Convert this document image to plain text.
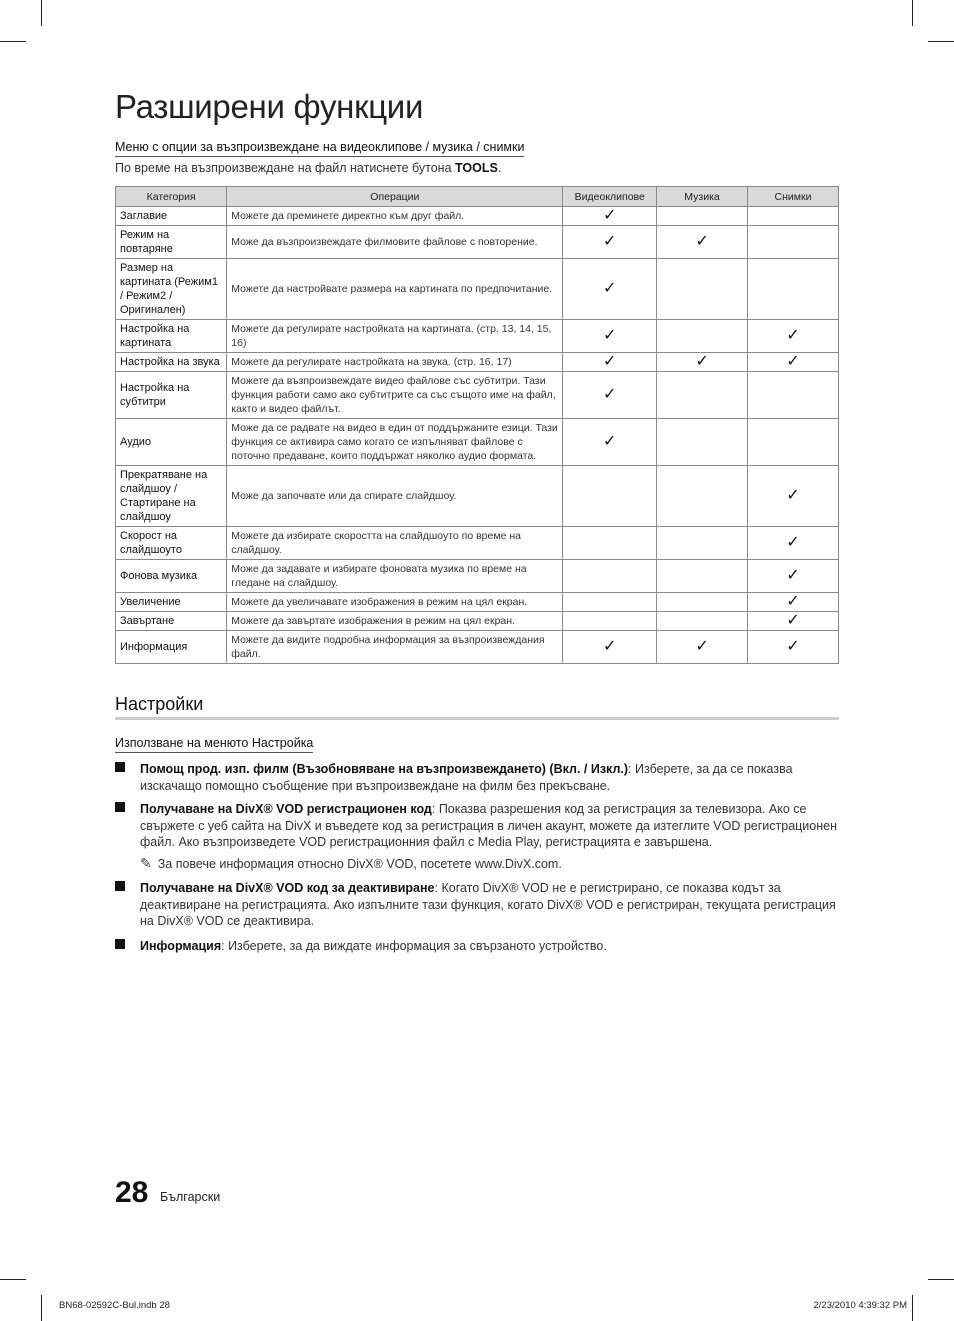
Разширени функции
Меню с опции за възпроизвеждане на видеоклипове / музика / снимки
По време на възпроизвеждане на файл натиснете бутона TOOLS.
Категория	Операции	Видеоклипове	Музика	Снимки
Заглавие	Можете да преминете директно към друг файл.	✓		
Режим на повтаряне	Може да възпроизвеждате филмовите файлове с повторение.	✓	✓	
Размер на картината (Режим1 / Режим2 / Оригинален)	Можете да настройвате размера на картината по предпочитание.	✓		
Настройка на картината	Можете да регулирате настройката на картината. (стр. 13, 14, 15, 16)	✓		✓
Настройка на звука	Можете да регулирате настройката на звука. (стр. 16, 17)	✓	✓	✓
Настройка на субтитри	Можете да възпроизвеждате видео файлове със субтитри. Тази функция работи само ако субтитрите са със същото име на файл, както и видео файлът.	✓		
Аудио	Може да се радвате на видео в един от поддържаните езици. Тази функция се активира само когато се изпълняват файлове с поточно предаване, които поддържат няколко аудио формата.	✓		
Прекратяване на слайдшоу / Стартиране на слайдшоу	Може да започвате или да спирате слайдшоу.			✓
Скорост на слайдшоуто	Можете да избирате скоростта на слайдшоуто по време на слайдшоу.			✓
Фонова музика	Може да задавате и избирате фоновата музика по време на гледане на слайдшоу.			✓
Увеличение	Можете да увеличавате изображения в режим на цял екран.			✓
Завъртане	Можете да завъртате изображения в режим на цял екран.			✓
Информация	Можете да видите подробна информация за възпроизвеждания файл.	✓	✓	✓
Настройки
Използване на менюто Настройка
Помощ прод. изп. филм (Възобновяване на възпроизвеждането) (Вкл. / Изкл.): Изберете, за да се показва изскачащо помощно съобщение при възпроизвеждане на филм без прекъсване.
Получаване на DivX® VOD регистрационен код: Показва разрешения код за регистрация за телевизора. Ако се свържете с уеб сайта на DivX и въведете код за регистрация в личен акаунт, можете да изтеглите VOD регистрационен файл. Ако възпроизведете VOD регистрационния файл с Media Play, регистрацията е завършена.
✎ За повече информация относно DivX® VOD, посетете www.DivX.com.
Получаване на DivX® VOD код за деактивиране: Когато DivX® VOD не е регистрирано, се показва кодът за деактивиране на регистрацията. Ако изпълните тази функция, когато DivX® VOD е регистриран, текущата регистрация на DivX® VOD се деактивира.
Информация: Изберете, за да виждате информация за свързаното устройство.
28 Български
BN68-02592C-Bul.indb 28	2/23/2010 4:39:32 PM
